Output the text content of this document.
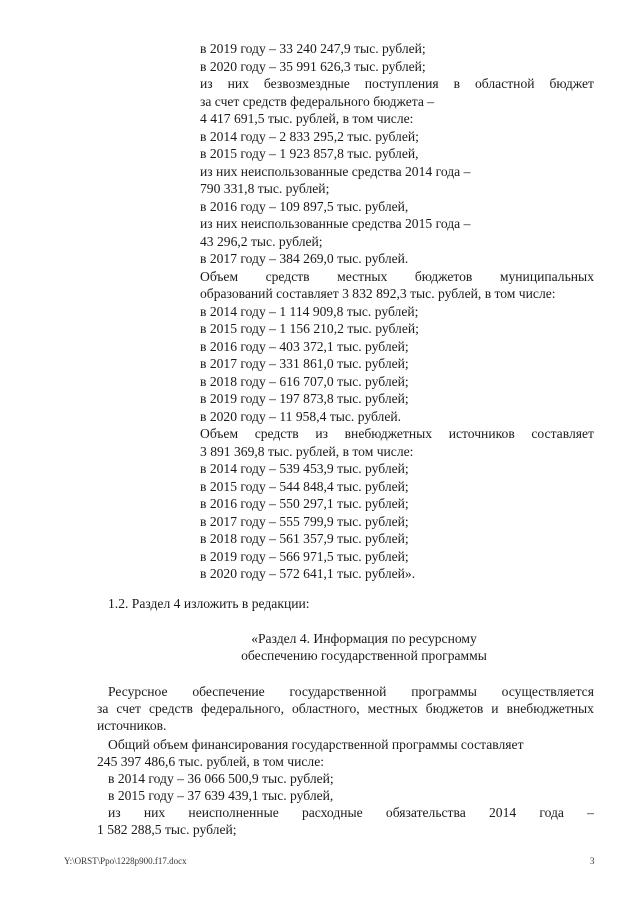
в 2019 году – 33 240 247,9 тыс. рублей;
в 2020 году – 35 991 626,3 тыс. рублей;
из них безвозмездные поступления в областной бюджет
за счет средств федерального бюджета –
4 417 691,5 тыс. рублей, в том числе:
в 2014 году – 2 833 295,2 тыс. рублей;
в 2015 году – 1 923 857,8 тыс. рублей,
из них неиспользованные средства 2014 года –
790 331,8 тыс. рублей;
в 2016 году – 109 897,5 тыс. рублей,
из них неиспользованные средства 2015 года –
43 296,2 тыс. рублей;
в 2017 году – 384 269,0 тыс. рублей.
Объем средств местных бюджетов муниципальных
образований составляет 3 832 892,3 тыс. рублей, в том числе:
в 2014 году – 1 114 909,8 тыс. рублей;
в 2015 году – 1 156 210,2 тыс. рублей;
в 2016 году – 403 372,1 тыс. рублей;
в 2017 году – 331 861,0 тыс. рублей;
в 2018 году – 616 707,0 тыс. рублей;
в 2019 году – 197 873,8 тыс. рублей;
в 2020 году – 11 958,4 тыс. рублей.
Объем средств из внебюджетных источников составляет
3 891 369,8 тыс. рублей, в том числе:
в 2014 году – 539 453,9 тыс. рублей;
в 2015 году – 544 848,4 тыс. рублей;
в 2016 году – 550 297,1 тыс. рублей;
в 2017 году – 555 799,9 тыс. рублей;
в 2018 году – 561 357,9 тыс. рублей;
в 2019 году – 566 971,5 тыс. рублей;
в 2020 году – 572 641,1 тыс. рублей».
1.2. Раздел 4 изложить в редакции:
«Раздел 4. Информация по ресурсному
обеспечению государственной программы
Ресурсное обеспечение государственной программы осуществляется
за счет средств федерального, областного, местных бюджетов и внебюджетных
источников.
Общий объем финансирования государственной программы составляет
245 397 486,6 тыс. рублей, в том числе:
в 2014 году – 36 066 500,9 тыс. рублей;
в 2015 году – 37 639 439,1 тыс. рублей,
из них неисполненные расходные обязательства 2014 года –
1 582 288,5 тыс. рублей;
Y:\ORST\Ppo\1228p900.f17.docx	3
